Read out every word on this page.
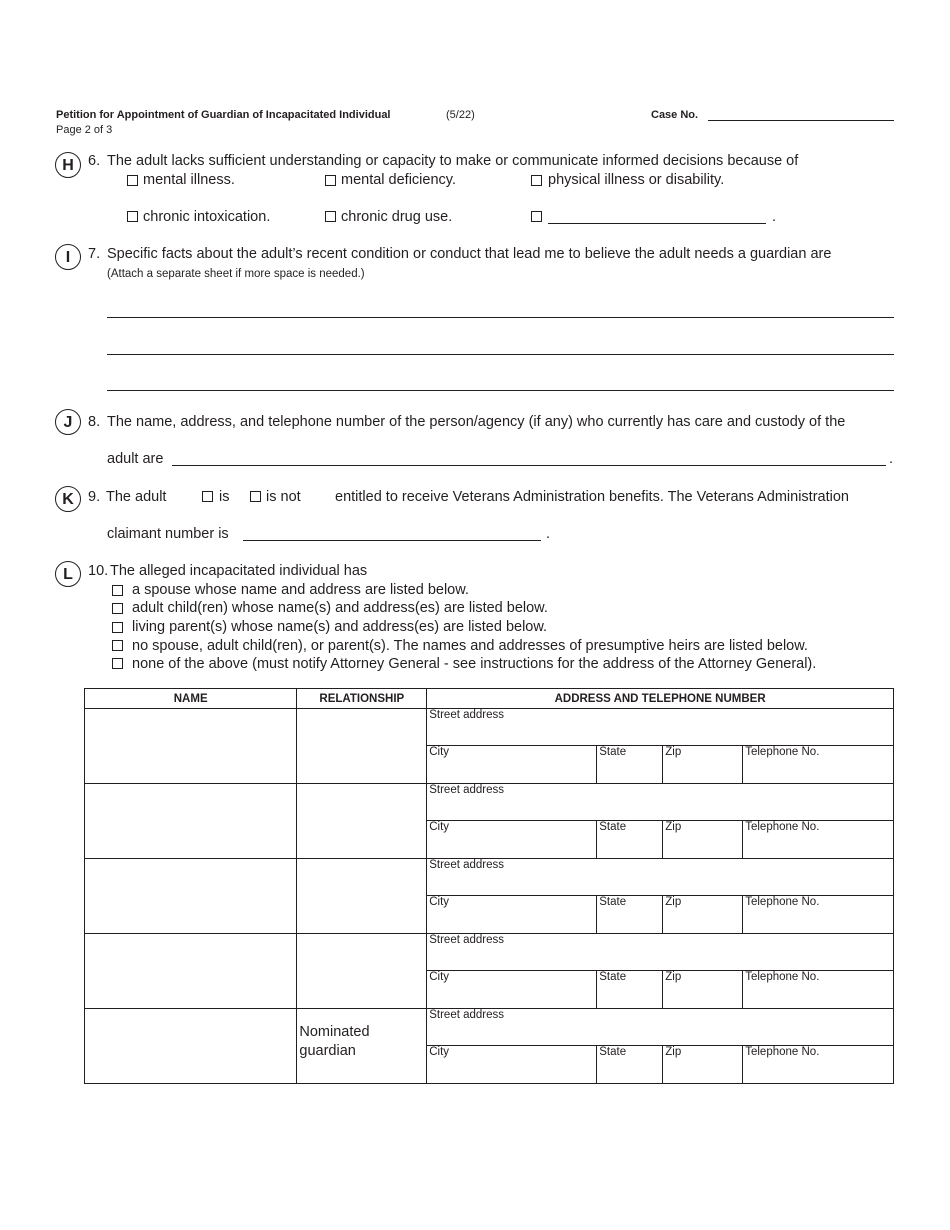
Petition for Appointment of Guardian of Incapacitated Individual	(5/22)
Page 2 of 3
Case No.
H 6. The adult lacks sufficient understanding or capacity to make or communicate informed decisions because of
mental illness.	mental deficiency.	physical illness or disability.
chronic intoxication.	chronic drug use.	.
I	7. Specific facts about the adult’s recent condition or conduct that lead me to believe the adult needs a guardian are
(Attach a separate sheet if more space is needed.)
J	8. The name, address, and telephone number of the person/agency (if any) who currently has care and custody of the
adult are	.
K 9. The adult	is	is not entitled to receive Veterans Administration benefits. The Veterans Administration
claimant number is	.
L	10. The alleged incapacitated individual has
a spouse whose name and address are listed below.
adult child(ren) whose name(s) and address(es) are listed below.
living parent(s) whose name(s) and address(es) are listed below.
no spouse, adult child(ren), or parent(s). The names and addresses of presumptive heirs are listed below.
none of the above (must notify Attorney General - see instructions for the address of the Attorney General).
NAME	RELATIONSHIP	ADDRESS AND TELEPHONE NUMBER

		Street address
City State Zip Telephone No.

		Street address
City State Zip Telephone No.

		Street address
City State Zip Telephone No.

		Street address
City State Zip Telephone No.

	Nominated guardian	Street address
City State Zip Telephone No.
